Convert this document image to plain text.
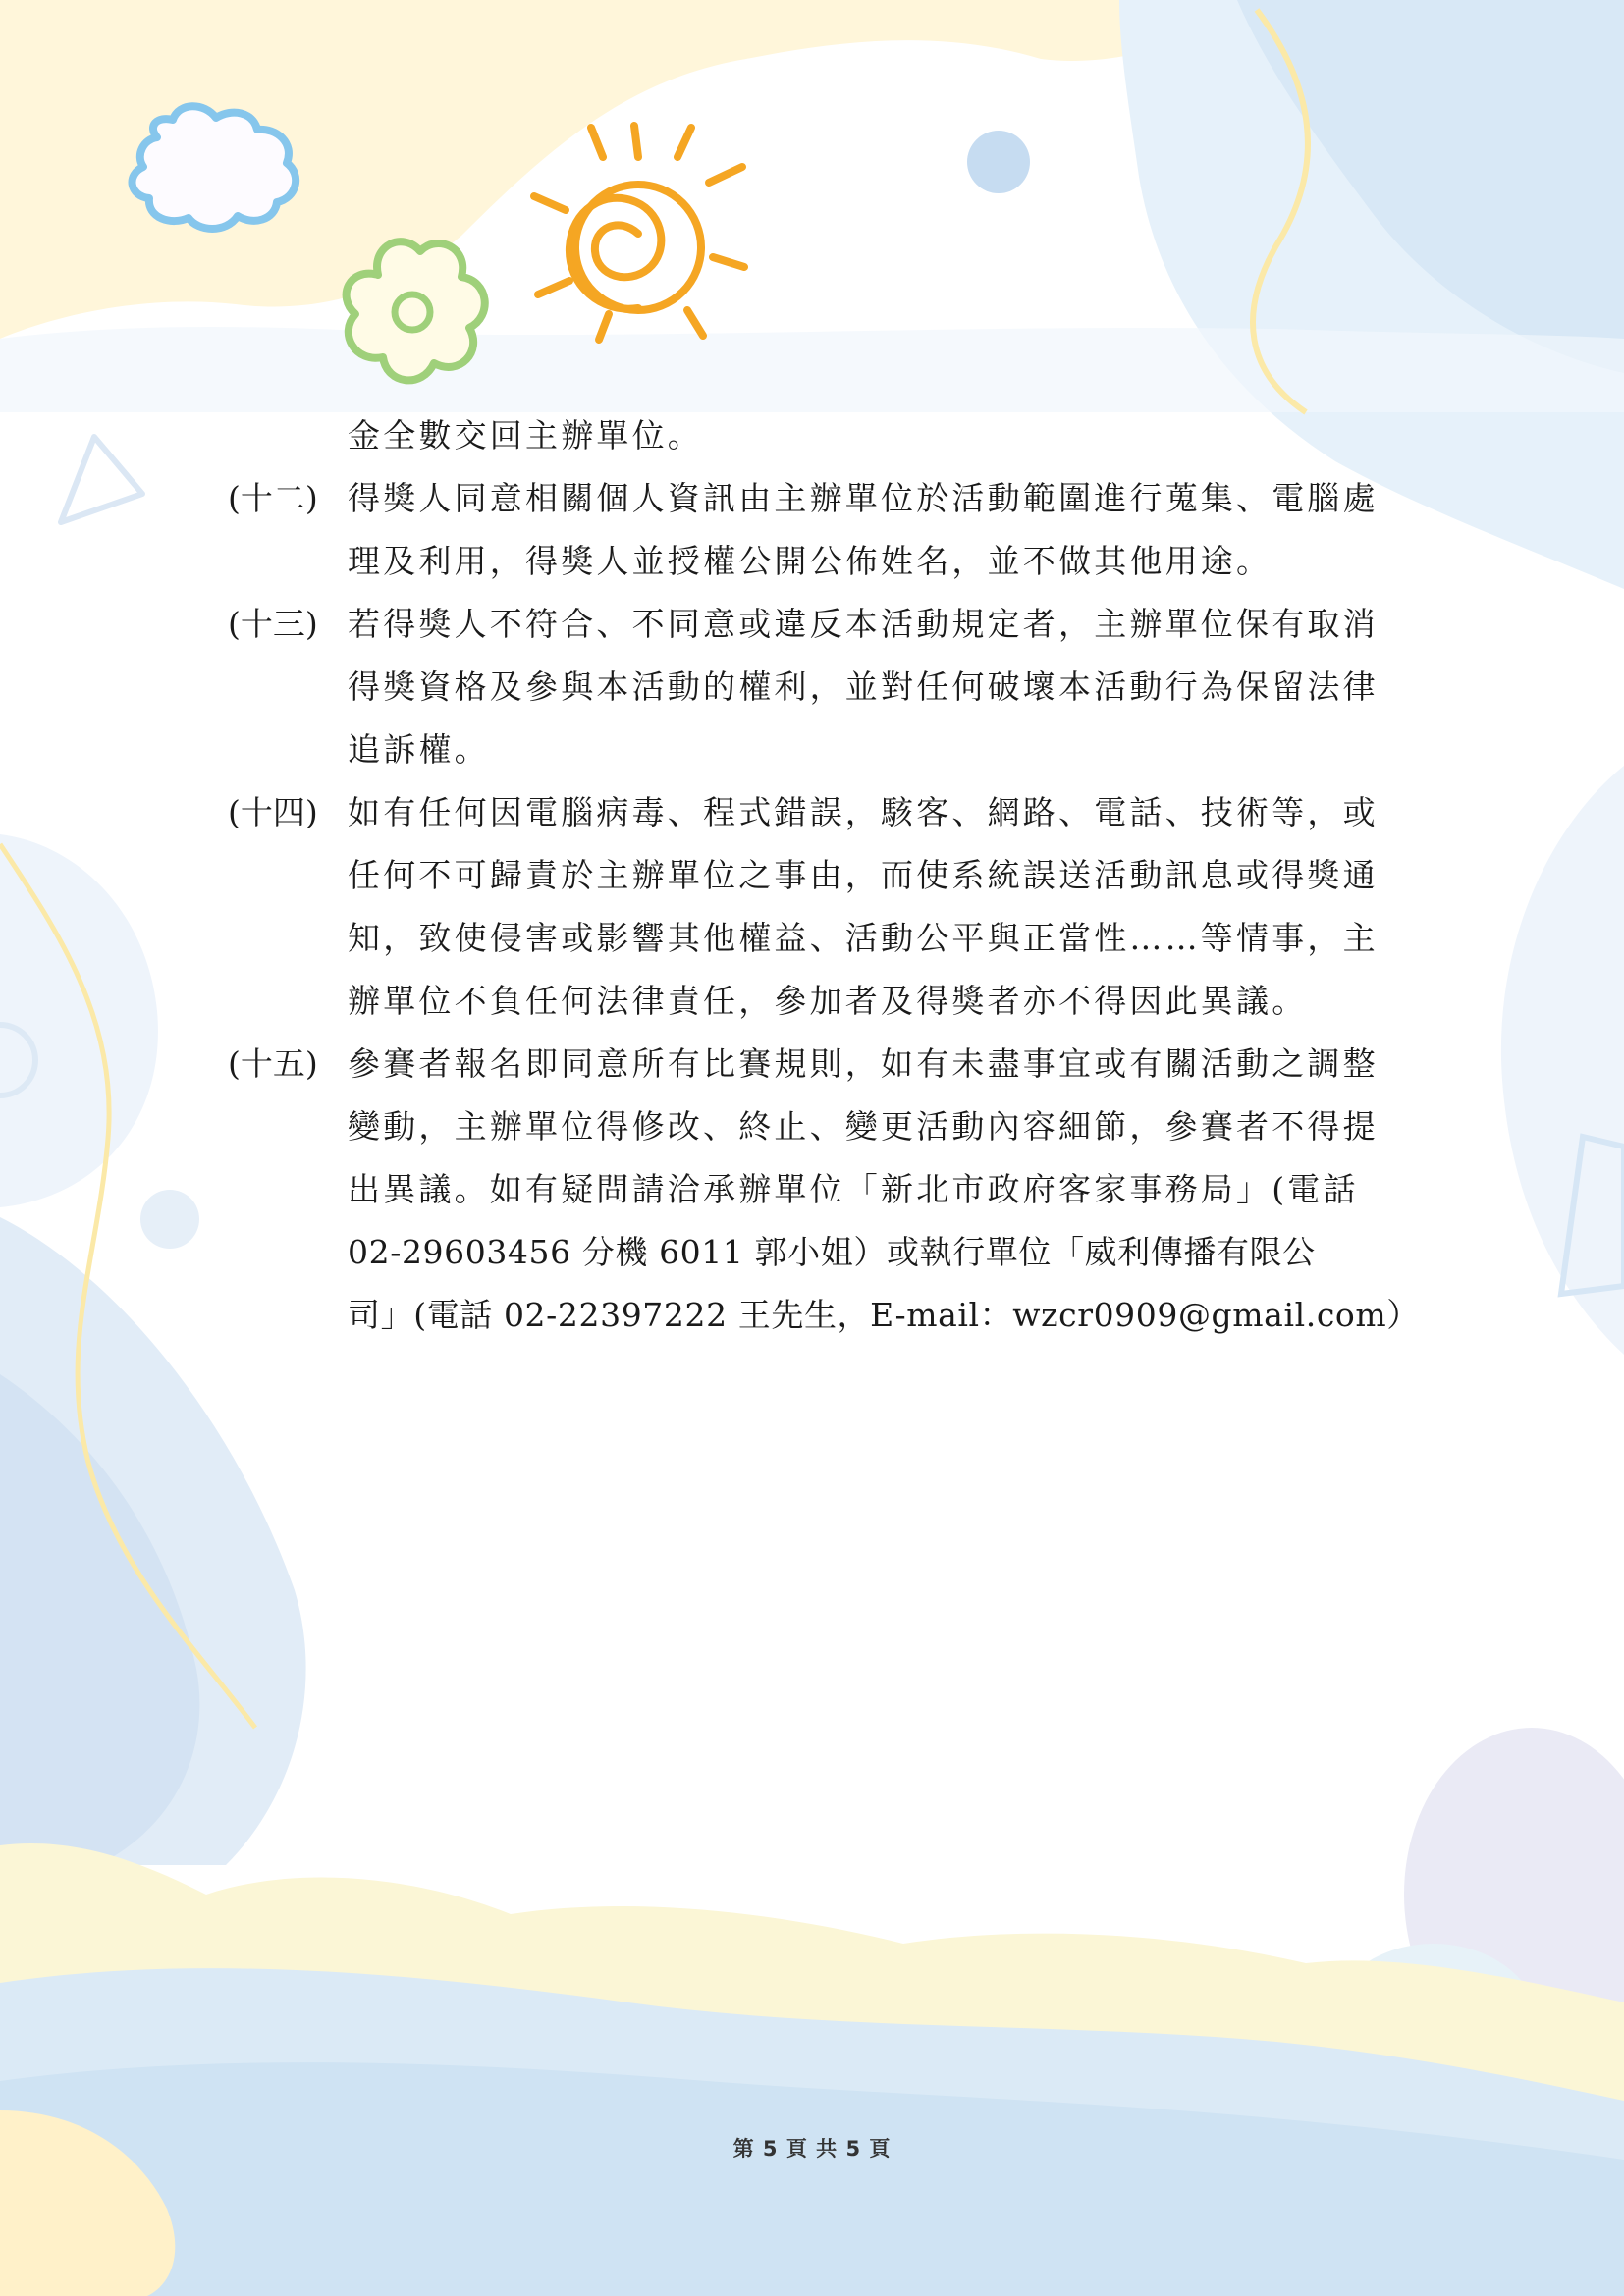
金全數交回主辦單位。
(十二) 得獎人同意相關個人資訊由主辦單位於活動範圍進行蒐集、電腦處
理及利用，得獎人並授權公開公佈姓名，並不做其他用途。
(十三) 若得獎人不符合、不同意或違反本活動規定者，主辦單位保有取消
得獎資格及參與本活動的權利，並對任何破壞本活動行為保留法律
追訴權。
(十四) 如有任何因電腦病毒、程式錯誤，駭客、網路、電話、技術等，或
任何不可歸責於主辦單位之事由，而使系統誤送活動訊息或得獎通
知，致使侵害或影響其他權益、活動公平與正當性……等情事，主
辦單位不負任何法律責任，參加者及得獎者亦不得因此異議。
(十五) 參賽者報名即同意所有比賽規則，如有未盡事宜或有關活動之調整
變動，主辦單位得修改、終止、變更活動內容細節，參賽者不得提
出異議。如有疑問請洽承辦單位「新北市政府客家事務局」(電話
02-29603456 分機 6011 郭小姐）或執行單位「威利傳播有限公
司」(電話 02-22397222 王先生，E-mail：wzcr0909@gmail.com）
第 5 頁 共 5 頁
